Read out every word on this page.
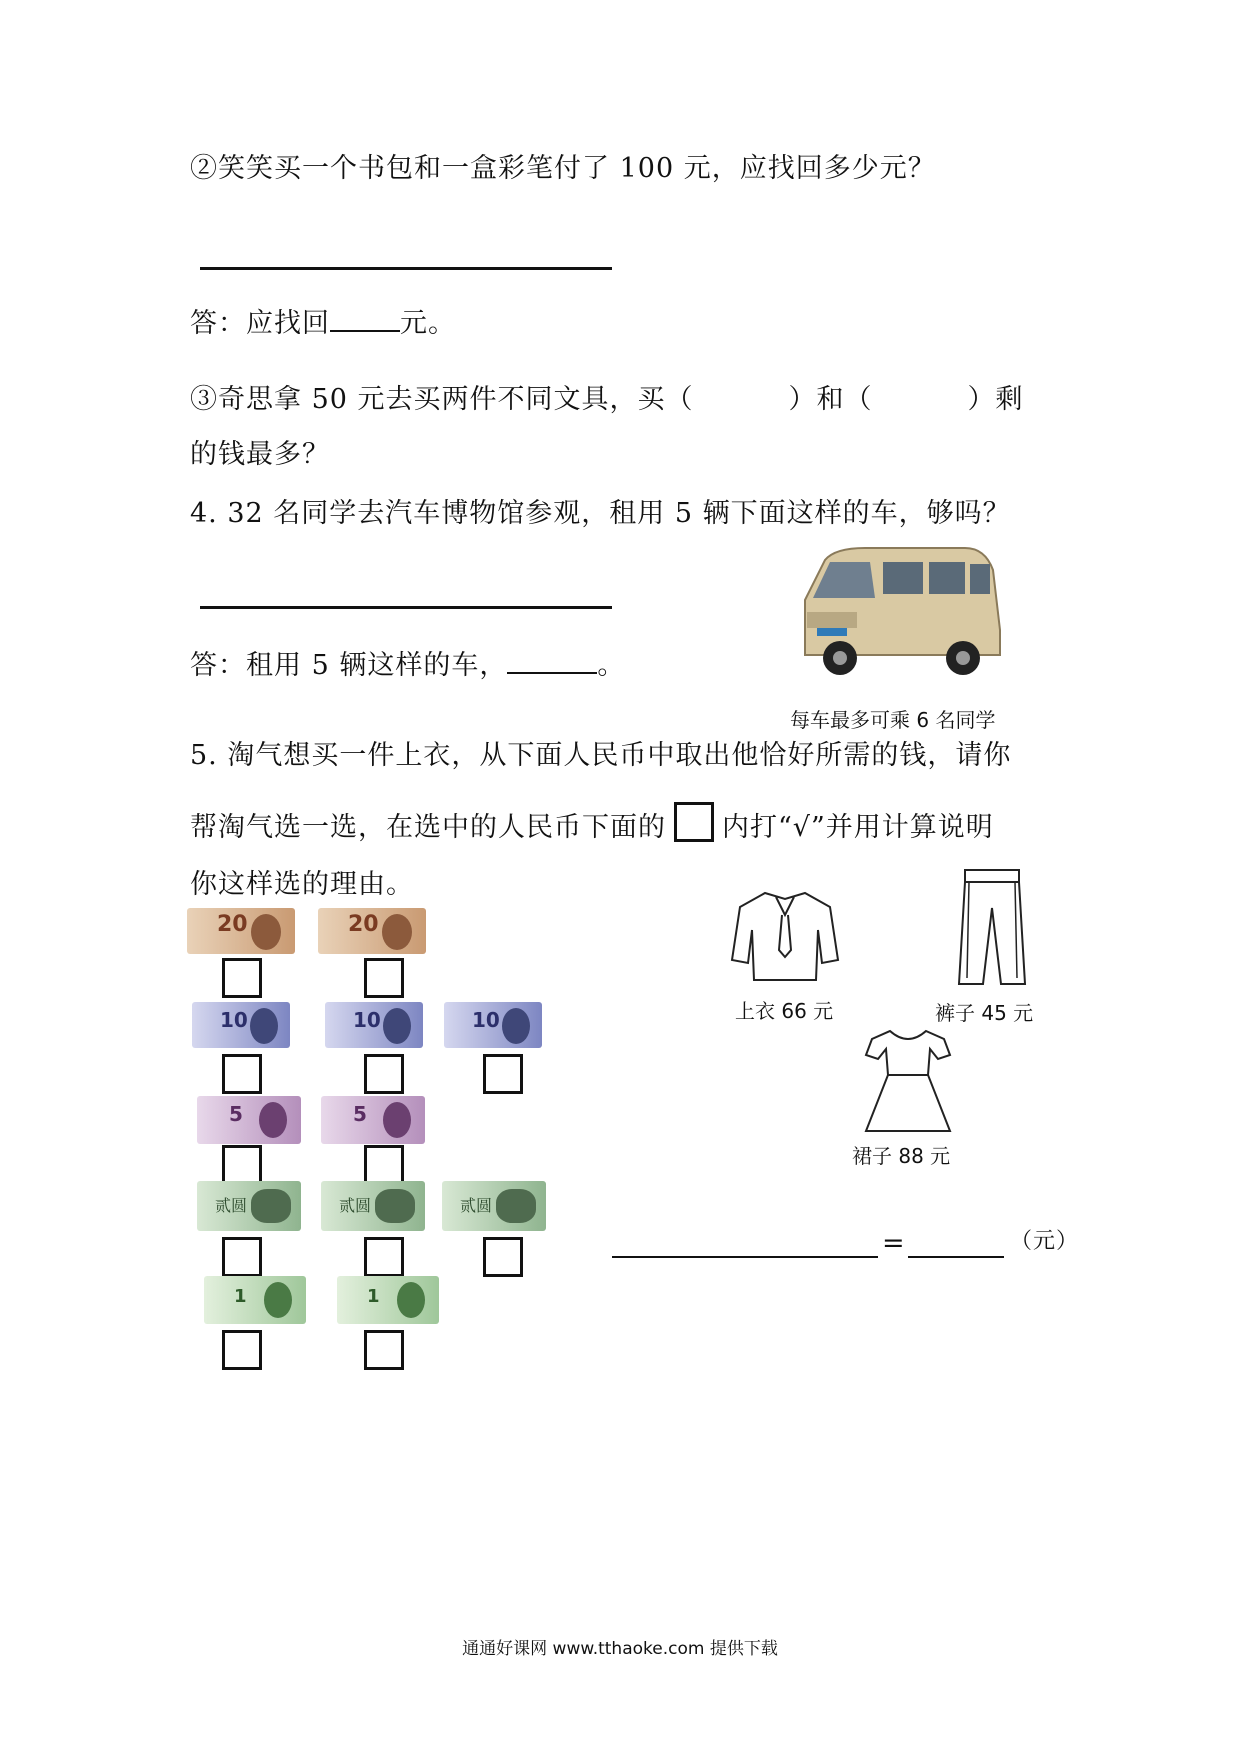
②笑笑买一个书包和一盒彩笔付了 100 元，应找回多少元？
答：应找回	元。
③奇思拿 50 元去买两件不同文具，买（	）和（	）剩
的钱最多？
4. 32 名同学去汽车博物馆参观，租用 5 辆下面这样的车，够吗？
答：租用 5 辆这样的车，	。
每车最多可乘 6 名同学
5. 淘气想买一件上衣，从下面人民币中取出他恰好所需的钱，请你
帮淘气选一选，在选中的人民币下面的 内打“√”并用计算说明
你这样选的理由。
20	20
10	10	10
5	5
贰圆	贰圆	贰圆
1	1
上衣 66 元	裤子 45 元
裙子 88 元
=	（元）
通通好课网 www.tthaoke.com 提供下载
